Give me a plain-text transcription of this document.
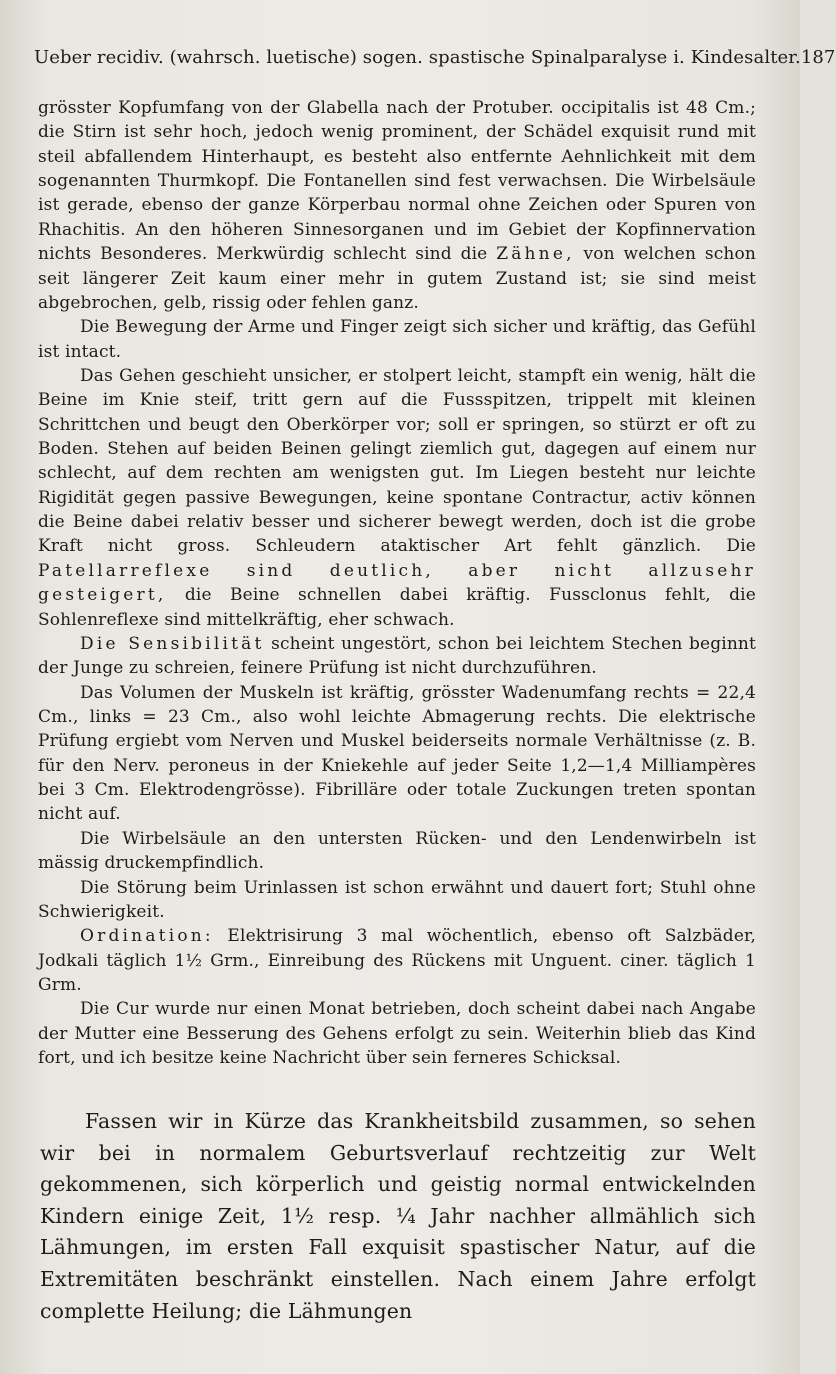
Ueber recidiv. (wahrsch. luetische) sogen. spastische Spinalparalyse i. Kindesalter. 187

grösster Kopfumfang von der Glabella nach der Protuber. occipitalis ist 48 Cm.; die Stirn ist sehr hoch, jedoch wenig prominent, der Schädel exquisit rund mit steil abfallendem Hinterhaupt, es besteht also entfernte Aehnlichkeit mit dem sogenannten Thurmkopf. Die Fontanellen sind fest verwachsen. Die Wirbelsäule ist gerade, ebenso der ganze Körperbau normal ohne Zeichen oder Spuren von Rhachitis. An den höheren Sinnesorganen und im Gebiet der Kopfinnervation nichts Besonderes. Merkwürdig schlecht sind die Zähne, von welchen schon seit längerer Zeit kaum einer mehr in gutem Zustand ist; sie sind meist abgebrochen, gelb, rissig oder fehlen ganz.

Die Bewegung der Arme und Finger zeigt sich sicher und kräftig, das Gefühl ist intact.

Das Gehen geschieht unsicher, er stolpert leicht, stampft ein wenig, hält die Beine im Knie steif, tritt gern auf die Fussspitzen, trippelt mit kleinen Schrittchen und beugt den Oberkörper vor; soll er springen, so stürzt er oft zu Boden. Stehen auf beiden Beinen gelingt ziemlich gut, dagegen auf einem nur schlecht, auf dem rechten am wenigsten gut. Im Liegen besteht nur leichte Rigidität gegen passive Bewegungen, keine spontane Contractur, activ können die Beine dabei relativ besser und sicherer bewegt werden, doch ist die grobe Kraft nicht gross. Schleudern ataktischer Art fehlt gänzlich. Die Patellarreflexe sind deutlich, aber nicht allzusehr gesteigert, die Beine schnellen dabei kräftig. Fussclonus fehlt, die Sohlenreflexe sind mittelkräftig, eher schwach.

Die Sensibilität scheint ungestört, schon bei leichtem Stechen beginnt der Junge zu schreien, feinere Prüfung ist nicht durchzuführen.

Das Volumen der Muskeln ist kräftig, grösster Wadenumfang rechts = 22,4 Cm., links = 23 Cm., also wohl leichte Abmagerung rechts. Die elektrische Prüfung ergiebt vom Nerven und Muskel beiderseits normale Verhältnisse (z. B. für den Nerv. peroneus in der Kniekehle auf jeder Seite 1,2—1,4 Milliampères bei 3 Cm. Elektrodengrösse). Fibrilläre oder totale Zuckungen treten spontan nicht auf.

Die Wirbelsäule an den untersten Rücken- und den Lendenwirbeln ist mässig druckempfindlich.

Die Störung beim Urinlassen ist schon erwähnt und dauert fort; Stuhl ohne Schwierigkeit.

Ordination: Elektrisirung 3 mal wöchentlich, ebenso oft Salzbäder, Jodkali täglich 1½ Grm., Einreibung des Rückens mit Unguent. ciner. täglich 1 Grm.

Die Cur wurde nur einen Monat betrieben, doch scheint dabei nach Angabe der Mutter eine Besserung des Gehens erfolgt zu sein. Weiterhin blieb das Kind fort, und ich besitze keine Nachricht über sein ferneres Schicksal.

Fassen wir in Kürze das Krankheitsbild zusammen, so sehen wir bei in normalem Geburtsverlauf rechtzeitig zur Welt gekommenen, sich körperlich und geistig normal entwickelnden Kindern einige Zeit, 1½ resp. ¼ Jahr nachher allmählich sich Lähmungen, im ersten Fall exquisit spastischer Natur, auf die Extremitäten beschränkt einstellen. Nach einem Jahre erfolgt complette Heilung; die Lähmungen
